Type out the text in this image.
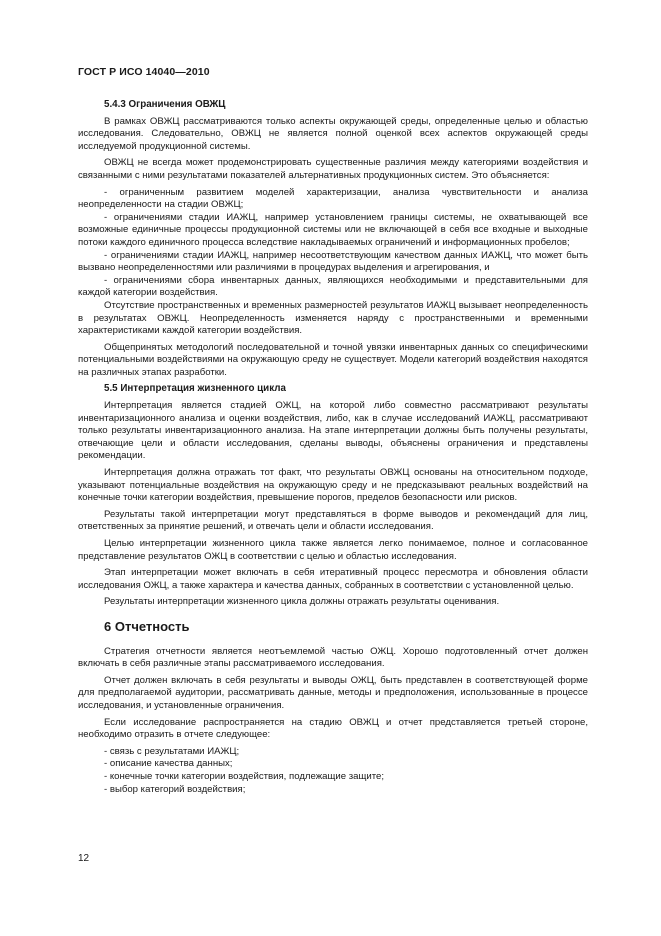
ГОСТ Р ИСО 14040—2010
5.4.3 Ограничения ОВЖЦ

В рамках ОВЖЦ рассматриваются только аспекты окружающей среды, определенные целью и областью исследования. Следовательно, ОВЖЦ не является полной оценкой всех аспектов окружающей среды исследуемой продукционной системы.

ОВЖЦ не всегда может продемонстрировать существенные различия между категориями воздействия и связанными с ними результатами показателей альтернативных продукционных систем. Это объясняется:

- ограниченным развитием моделей характеризации, анализа чувствительности и анализа неопределенности на стадии ОВЖЦ;

- ограничениями стадии ИАЖЦ, например установлением границы системы, не охватывающей все возможные единичные процессы продукционной системы или не включающей в себя все входные и выходные потоки каждого единичного процесса вследствие накладываемых ограничений и информационных пробелов;

- ограничениями стадии ИАЖЦ, например несоответствующим качеством данных ИАЖЦ, что может быть вызвано неопределенностями или различиями в процедурах выделения и агрегирования, и

- ограничениями сбора инвентарных данных, являющихся необходимыми и представительными для каждой категории воздействия.

Отсутствие пространственных и временных размерностей результатов ИАЖЦ вызывает неопределенность в результатах ОВЖЦ. Неопределенность изменяется наряду с пространственными и временными характеристиками каждой категории воздействия.

Общепринятых методологий последовательной и точной увязки инвентарных данных со специфическими потенциальными воздействиями на окружающую среду не существует. Модели категорий воздействия находятся на различных этапах разработки.

5.5 Интерпретация жизненного цикла

Интерпретация является стадией ОЖЦ, на которой либо совместно рассматривают результаты инвентаризационного анализа и оценки воздействия, либо, как в случае исследований ИАЖЦ, рассматривают только результаты инвентаризационного анализа. На этапе интерпретации должны быть получены результаты, отвечающие цели и области исследования, сделаны выводы, объяснены ограничения и представлены рекомендации.

Интерпретация должна отражать тот факт, что результаты ОВЖЦ основаны на относительном подходе, указывают потенциальные воздействия на окружающую среду и не предсказывают реальных воздействий на конечные точки категории воздействия, превышение порогов, пределов безопасности или рисков.

Результаты такой интерпретации могут представляться в форме выводов и рекомендаций для лиц, ответственных за принятие решений, и отвечать цели и области исследования.

Целью интерпретации жизненного цикла также является легко понимаемое, полное и согласованное представление результатов ОЖЦ в соответствии с целью и областью исследования.

Этап интерпретации может включать в себя итеративный процесс пересмотра и обновления области исследования ОЖЦ, а также характера и качества данных, собранных в соответствии с установленной целью.

Результаты интерпретации жизненного цикла должны отражать результаты оценивания.

6 Отчетность

Стратегия отчетности является неотъемлемой частью ОЖЦ. Хорошо подготовленный отчет должен включать в себя различные этапы рассматриваемого исследования.

Отчет должен включать в себя результаты и выводы ОЖЦ, быть представлен в соответствующей форме для предполагаемой аудитории, рассматривать данные, методы и предположения, использованные в процессе исследования, и установленные ограничения.

Если исследование распространяется на стадию ОВЖЦ и отчет представляется третьей стороне, необходимо отразить в отчете следующее:

- связь с результатами ИАЖЦ;
- описание качества данных;
- конечные точки категории воздействия, подлежащие защите;
- выбор категорий воздействия;
12
